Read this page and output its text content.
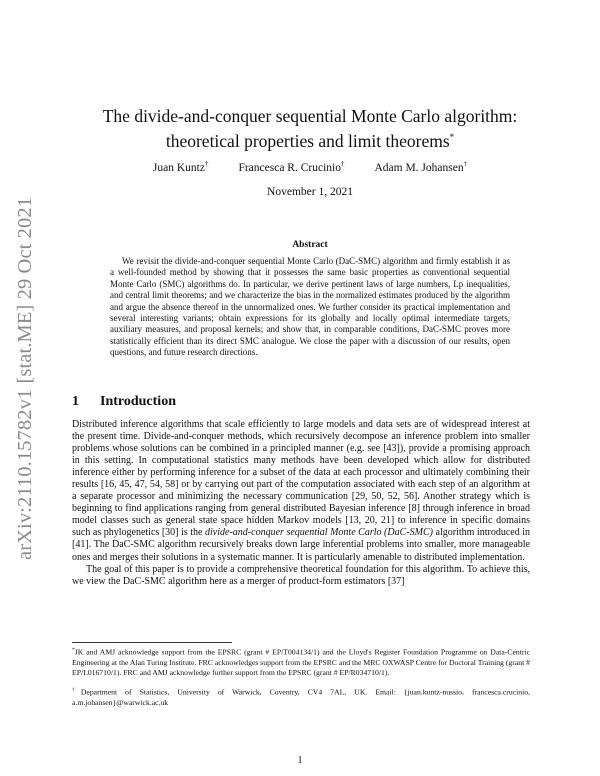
arXiv:2110.15782v1 [stat.ME] 29 Oct 2021
The divide-and-conquer sequential Monte Carlo algorithm:
theoretical properties and limit theorems*
Juan Kuntz†	Francesca R. Crucinio†	Adam M. Johansen†
November 1, 2021
Abstract
We revisit the divide-and-conquer sequential Monte Carlo (DaC-SMC) algorithm and firmly establish it as a well-founded method by showing that it possesses the same basic properties as conventional sequential Monte Carlo (SMC) algorithms do. In particular, we derive pertinent laws of large numbers, Lp inequalities, and central limit theorems; and we characterize the bias in the normalized estimates produced by the algorithm and argue the absence thereof in the unnormalized ones. We further consider its practical implementation and several interesting variants; obtain expressions for its globally and locally optimal intermediate targets, auxiliary measures, and proposal kernels; and show that, in comparable conditions, DaC-SMC proves more statistically efficient than its direct SMC analogue. We close the paper with a discussion of our results, open questions, and future research directions.
1 Introduction

Distributed inference algorithms that scale efficiently to large models and data sets are of widespread interest at the present time. Divide-and-conquer methods, which recursively decompose an inference problem into smaller problems whose solutions can be combined in a principled manner (e.g. see [43]), provide a promising approach in this setting. In computational statistics many methods have been developed which allow for distributed inference either by performing inference for a subset of the data at each processor and ultimately combining their results [16, 45, 47, 54, 58] or by carrying out part of the computation associated with each step of an algorithm at a separate processor and minimizing the necessary communication [29, 50, 52, 56]. Another strategy which is beginning to find applications ranging from general distributed Bayesian inference [8] through inference in broad model classes such as general state space hidden Markov models [13, 20, 21] to inference in specific domains such as phylogenetics [30] is the divide-and-conquer sequential Monte Carlo (DaC-SMC) algorithm introduced in [41]. The DaC-SMC algorithm recursively breaks down large inferential problems into smaller, more manageable ones and merges their solutions in a systematic manner. It is particularly amenable to distributed implementation.

The goal of this paper is to provide a comprehensive theoretical foundation for this algorithm. To achieve this, we view the DaC-SMC algorithm here as a merger of product-form estimators [37]

*JK and AMJ acknowledge support from the EPSRC (grant # EP/T004134/1) and the Lloyd's Register Foundation Programme on Data-Centric Engineering at the Alan Turing Institute. FRC acknowledges support from the EPSRC and the MRC OXWASP Centre for Doctoral Training (grant # EP/L016710/1). FRC and AMJ acknowledge further support from the EPSRC (grant # EP/R034710/1).
†Department of Statistics, University of Warwick, Coventry, CV4 7AL, UK. Email: {juan.kuntz-nussio, francesca.crucinio, a.m.johansen}@warwick.ac.uk
1
